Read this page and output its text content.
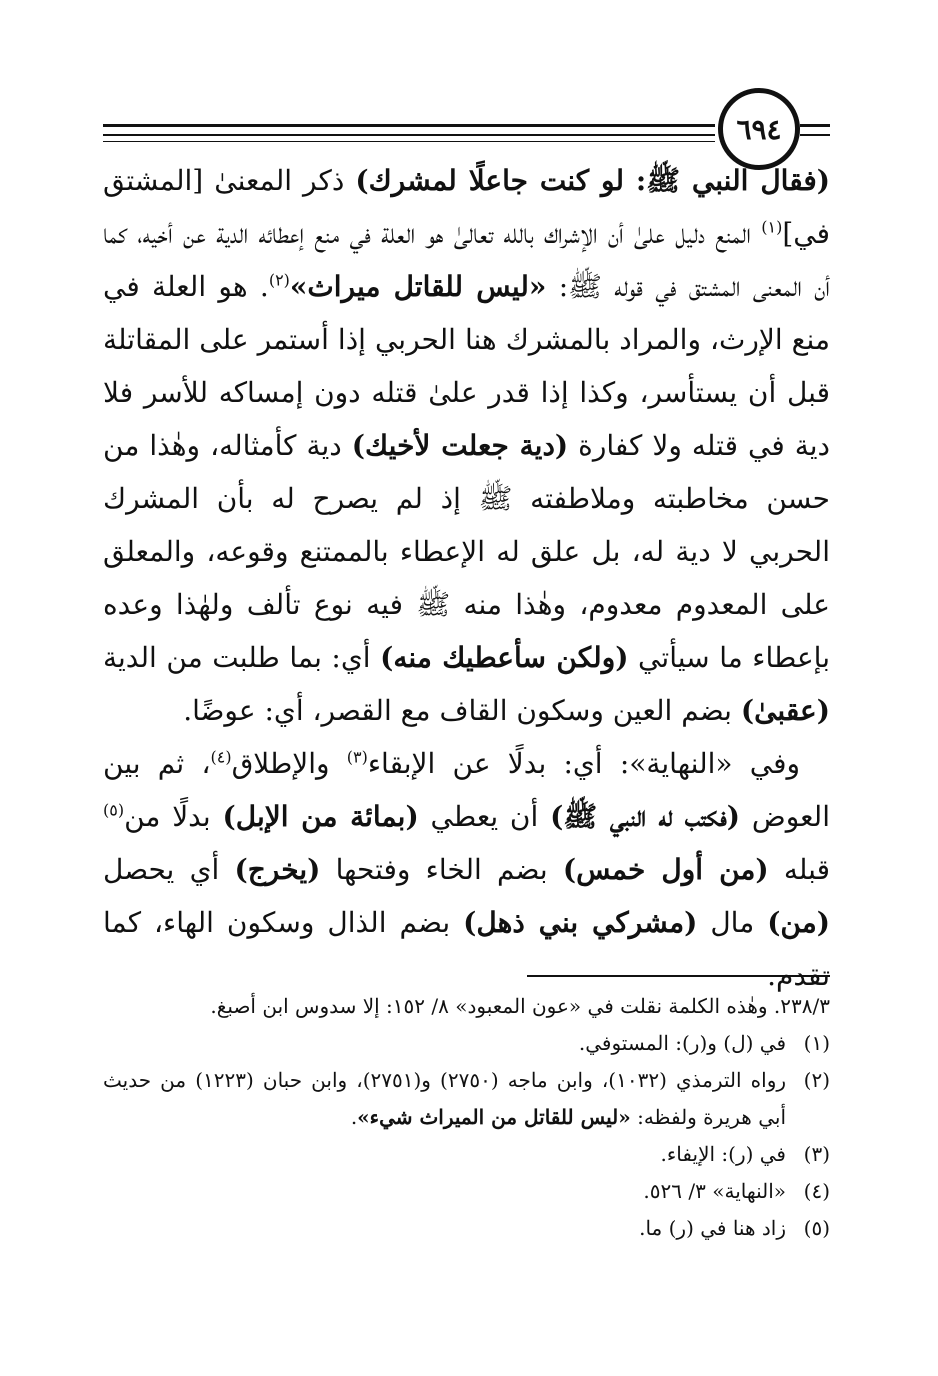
٦٩٤

(فقال النبي ﷺ: لو كنت جاعلًا لمشرك) ذكر المعنىٰ [المشتق في]$^{(١)}$ المنع دليل علىٰ أن الإشراك بالله تعالىٰ هو العلة في منع إعطائه الدية عن أخيه، كما أن المعنى المشتق في قوله ﷺ: «ليس للقاتل ميراث»$^{(٢)}$. هو العلة في منع الإرث، والمراد بالمشرك هنا الحربي إذا أستمر على المقاتلة قبل أن يستأسر، وكذا إذا قدر علىٰ قتله دون إمساكه للأسر فلا دية في قتله ولا كفارة (دية جعلت لأخيك) دية كأمثاله، وهٰذا من حسن مخاطبته وملاطفته ﷺ إذ لم يصرح له بأن المشرك الحربي لا دية له، بل علق له الإعطاء بالممتنع وقوعه، والمعلق على المعدوم معدوم، وهٰذا منه ﷺ فيه نوع تألف ولهٰذا وعده بإعطاء ما سيأتي (ولكن سأعطيك منه) أي: بما طلبت من الدية (عقبىٰ) بضم العين وسكون القاف مع القصر، أي: عوضًا.

وفي «النهاية»: أي: بدلًا عن الإبقاء$^{(٣)}$ والإطلاق$^{(٤)}$، ثم بين العوض (فكتب له النبي ﷺ) أن يعطي (بمائة من الإبل) بدلًا من$^{(٥)}$ قبله (من أول خمس) بضم الخاء وفتحها (يخرج) أي يحصل (من) مال (مشركي بني ذهل) بضم الذال وسكون الهاء، كما تقدم.

٢٣٨/٣. وهٰذه الكلمة نقلت في «عون المعبود» ٨/ ١٥٢: إلا سدوس ابن أصبغ.

(١)
في (ل) و(ر): المستوفي.
(٢)
رواه الترمذي (١٠٣٢)، وابن ماجه (٢٧٥٠) و(٢٧٥١)، وابن حبان (١٢٢٣) من حديث أبي هريرة ولفظه: «ليس للقاتل من الميراث شيء».
(٣)
في (ر): الإيفاء.
(٤)
«النهاية» ٣/ ٥٢٦.
(٥)
زاد هنا في (ر) ما.
